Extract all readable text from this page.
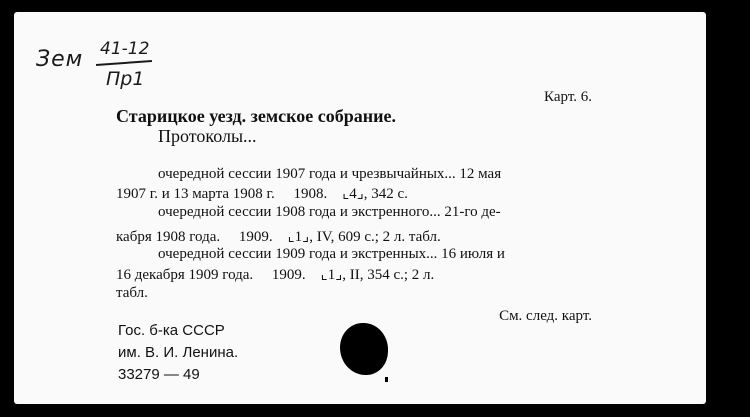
Зем 41-12
Пр1
Карт. 6.
Старицкое уезд. земское собрание.
Протоколы...
очередной сессии 1907 года и чрезвычайных... 12 мая
1907 г. и 13 марта 1908 г.     1908.    ⌞4⌟, 342 с.
очередной сессии 1908 года и экстренного... 21-го де-
кабря 1908 года.     1909.    ⌞1⌟, IV, 609 с.; 2 л. табл.
очередной сессии 1909 года и экстренных... 16 июля и
16 декабря 1909 года.     1909.    ⌞1⌟, II, 354 с.; 2 л.
табл.
См. след. карт.
Гос. б-ка СССР
им. В. И. Ленина.
33279 — 49
